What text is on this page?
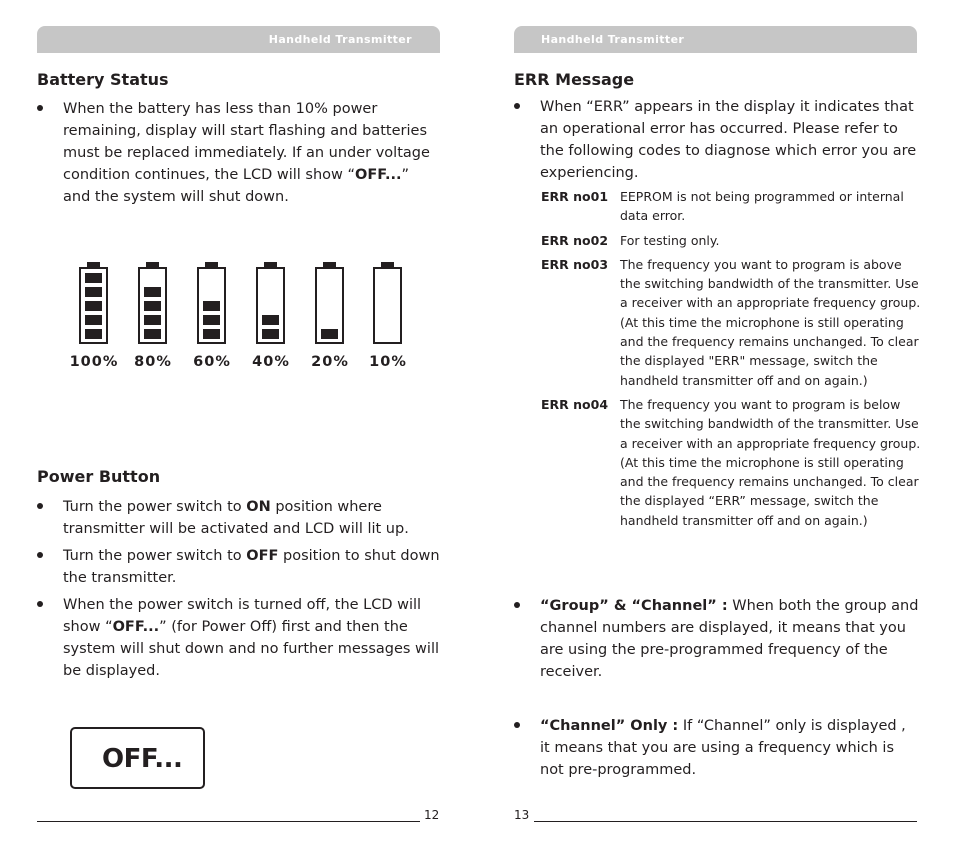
Handheld Transmitter
Battery Status
When the battery has less than 10% power remaining, display will start flashing and batteries must be replaced immediately. If an under voltage condition continues, the LCD will show “OFF...” and the system will shut down.
100%	80%	60%	40%	20%	10%
Power Button
Turn the power switch to ON position where transmitter will be activated and LCD will lit up.
Turn the power switch to OFF position to shut down the transmitter.
When the power switch is turned off, the LCD will show “OFF...” (for Power Off) first and then the system will shut down and no further messages will be displayed.
OFF...
12
Handheld Transmitter
ERR Message
When “ERR” appears in the display it indicates that an operational error has occurred. Please refer to the following codes to diagnose which error you are experiencing.
ERR no01 EEPROM is not being programmed or internal data error.
ERR no02 For testing only.
ERR no03 The frequency you want to program is above the switching bandwidth of the transmitter. Use a receiver with an appropriate frequency group. (At this time the microphone is still operating and the frequency remains unchanged. To clear the displayed "ERR" message, switch the handheld transmitter off and on again.)
ERR no04 The frequency you want to program is below the switching bandwidth of the transmitter. Use a receiver with an appropriate frequency group. (At this time the microphone is still operating and the frequency remains unchanged. To clear the displayed “ERR” message, switch the handheld transmitter off and on again.)
“Group” & “Channel” : When both the group and channel numbers are displayed, it means that you are using the pre-programmed frequency of the receiver.
“Channel” Only : If “Channel” only is displayed , it means that you are using a frequency which is not pre-programmed.
13
